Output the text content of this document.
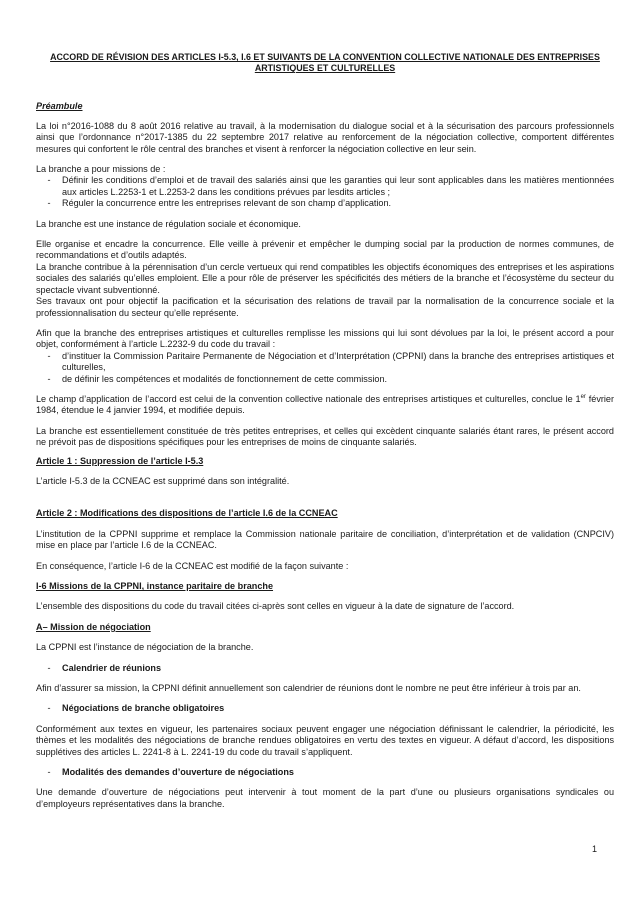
ACCORD DE RÉVISION DES ARTICLES I-5.3, I.6 ET SUIVANTS DE LA CONVENTION COLLECTIVE NATIONALE DES ENTREPRISES ARTISTIQUES ET CULTURELLES

Préambule

La loi n°2016-1088 du 8 août 2016 relative au travail, à la modernisation du dialogue social et à la sécurisation des parcours professionnels ainsi que l’ordonnance n°2017-1385 du 22 septembre 2017 relative au renforcement de la négociation collective, comportent différentes mesures qui confortent le rôle central des branches et visent à renforcer la négociation collective en leur sein.

La branche a pour missions de :

-	Définir les conditions d’emploi et de travail des salariés ainsi que les garanties qui leur sont applicables dans les matières mentionnées aux articles L.2253-1 et L.2253-2 dans les conditions prévues par lesdits articles ;
-	Réguler la concurrence entre les entreprises relevant de son champ d’application.

La branche est une instance de régulation sociale et économique.

Elle organise et encadre la concurrence. Elle veille à prévenir et empêcher le dumping social par la production de normes communes, de recommandations et d’outils adaptés.

La branche contribue à la pérennisation d’un cercle vertueux qui rend compatibles les objectifs économiques des entreprises et les aspirations sociales des salariés qu’elles emploient. Elle a pour rôle de préserver les spécificités des métiers de la branche et l’écosystème du secteur du spectacle vivant subventionné.

Ses travaux ont pour objectif la pacification et la sécurisation des relations de travail par la normalisation de la concurrence sociale et la professionnalisation du secteur qu’elle représente.

Afin que la branche des entreprises artistiques et culturelles remplisse les missions qui lui sont dévolues par la loi, le présent accord a pour objet, conformément à l’article L.2232-9 du code du travail :

-	d’instituer la Commission Paritaire Permanente de Négociation et d’Interprétation (CPPNI) dans la branche des entreprises artistiques et culturelles,
-	de définir les compétences et modalités de fonctionnement de cette commission.

Le champ d’application de l’accord est celui de la convention collective nationale des entreprises artistiques et culturelles, conclue le 1er février 1984, étendue le 4 janvier 1994, et modifiée depuis.

La branche est essentiellement constituée de très petites entreprises, et celles qui excèdent cinquante salariés étant rares, le présent accord ne prévoit pas de dispositions spécifiques pour les entreprises de moins de cinquante salariés.

Article 1 : Suppression de l’article I-5.3

L’article I-5.3 de la CCNEAC est supprimé dans son intégralité.

Article 2 : Modifications des dispositions de l’article I.6 de la CCNEAC

L’institution de la CPPNI supprime et remplace la Commission nationale paritaire de conciliation, d’interprétation et de validation (CNPCIV) mise en place par l’article I.6 de la CCNEAC.

En conséquence, l’article I-6 de la CCNEAC est modifié de la façon suivante :

I-6 Missions de la CPPNI, instance paritaire de branche

L’ensemble des dispositions du code du travail citées ci-après sont celles en vigueur à la date de signature de l’accord.

A– Mission de négociation

La CPPNI est l’instance de négociation de la branche.

-	Calendrier de réunions

Afin d’assurer sa mission, la CPPNI définit annuellement son calendrier de réunions dont le nombre ne peut être inférieur à trois par an.

-	Négociations de branche obligatoires

Conformément aux textes en vigueur, les partenaires sociaux peuvent engager une négociation définissant le calendrier, la périodicité, les thèmes et les modalités des négociations de branche rendues obligatoires en vertu des textes en vigueur. A défaut d’accord, les dispositions supplétives des articles L. 2241-8 à L. 2241-19 du code du travail s’appliquent.

-	Modalités des demandes d’ouverture de négociations

Une demande d’ouverture de négociations peut intervenir à tout moment de la part d’une ou plusieurs organisations syndicales ou d’employeurs représentatives dans la branche.

1
